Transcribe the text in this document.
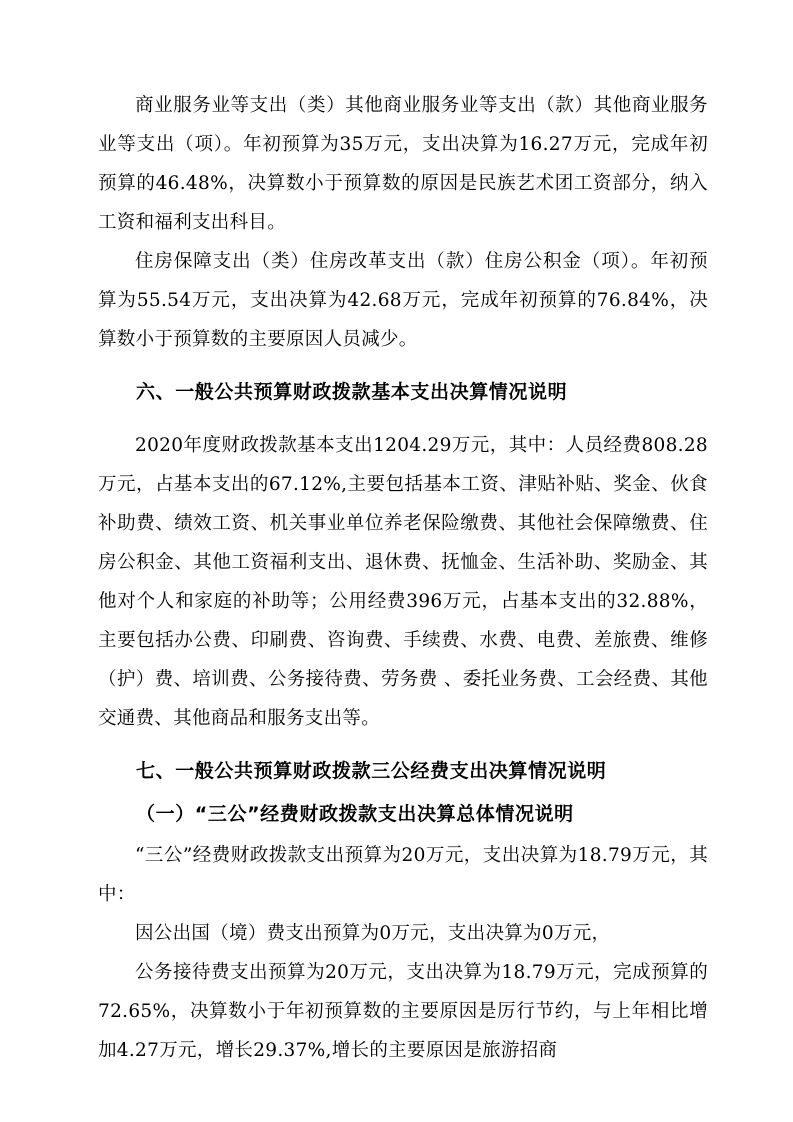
商业服务业等支出（类）其他商业服务业等支出（款）其他商业服务业等支出（项）。年初预算为35万元，支出决算为16.27万元，完成年初预算的46.48%，决算数小于预算数的原因是民族艺术团工资部分，纳入工资和福利支出科目。

住房保障支出（类）住房改革支出（款）住房公积金（项）。年初预算为55.54万元，支出决算为42.68万元，完成年初预算的76.84%，决算数小于预算数的主要原因人员减少。

六、一般公共预算财政拨款基本支出决算情况说明

2020年度财政拨款基本支出1204.29万元，其中：人员经费808.28万元，占基本支出的67.12%,主要包括基本工资、津贴补贴、奖金、伙食补助费、绩效工资、机关事业单位养老保险缴费、其他社会保障缴费、住房公积金、其他工资福利支出、退休费、抚恤金、生活补助、奖励金、其他对个人和家庭的补助等；公用经费396万元，占基本支出的32.88%，主要包括办公费、印刷费、咨询费、手续费、水费、电费、差旅费、维修（护）费、培训费、公务接待费、劳务费 、委托业务费、工会经费、其他交通费、其他商品和服务支出等。

七、一般公共预算财政拨款三公经费支出决算情况说明
（一）“三公”经费财政拨款支出决算总体情况说明

“三公”经费财政拨款支出预算为20万元，支出决算为18.79万元，其中：

因公出国（境）费支出预算为0万元，支出决算为0万元，

公务接待费支出预算为20万元，支出决算为18.79万元，完成预算的72.65%，决算数小于年初预算数的主要原因是厉行节约，与上年相比增加4.27万元，增长29.37%,增长的主要原因是旅游招商
